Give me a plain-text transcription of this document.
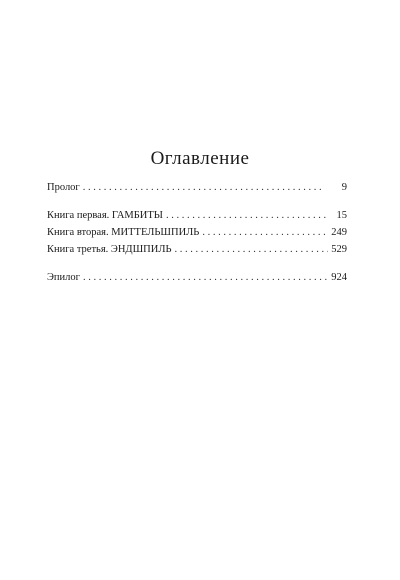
Оглавление
Пролог . . .	9
Книга первая. ГАМБИТЫ . . .	15
Книга вторая. МИТТЕЛЬШПИЛЬ . . .	249
Книга третья. ЭНДШПИЛЬ . . .	529
Эпилог . . .	924
